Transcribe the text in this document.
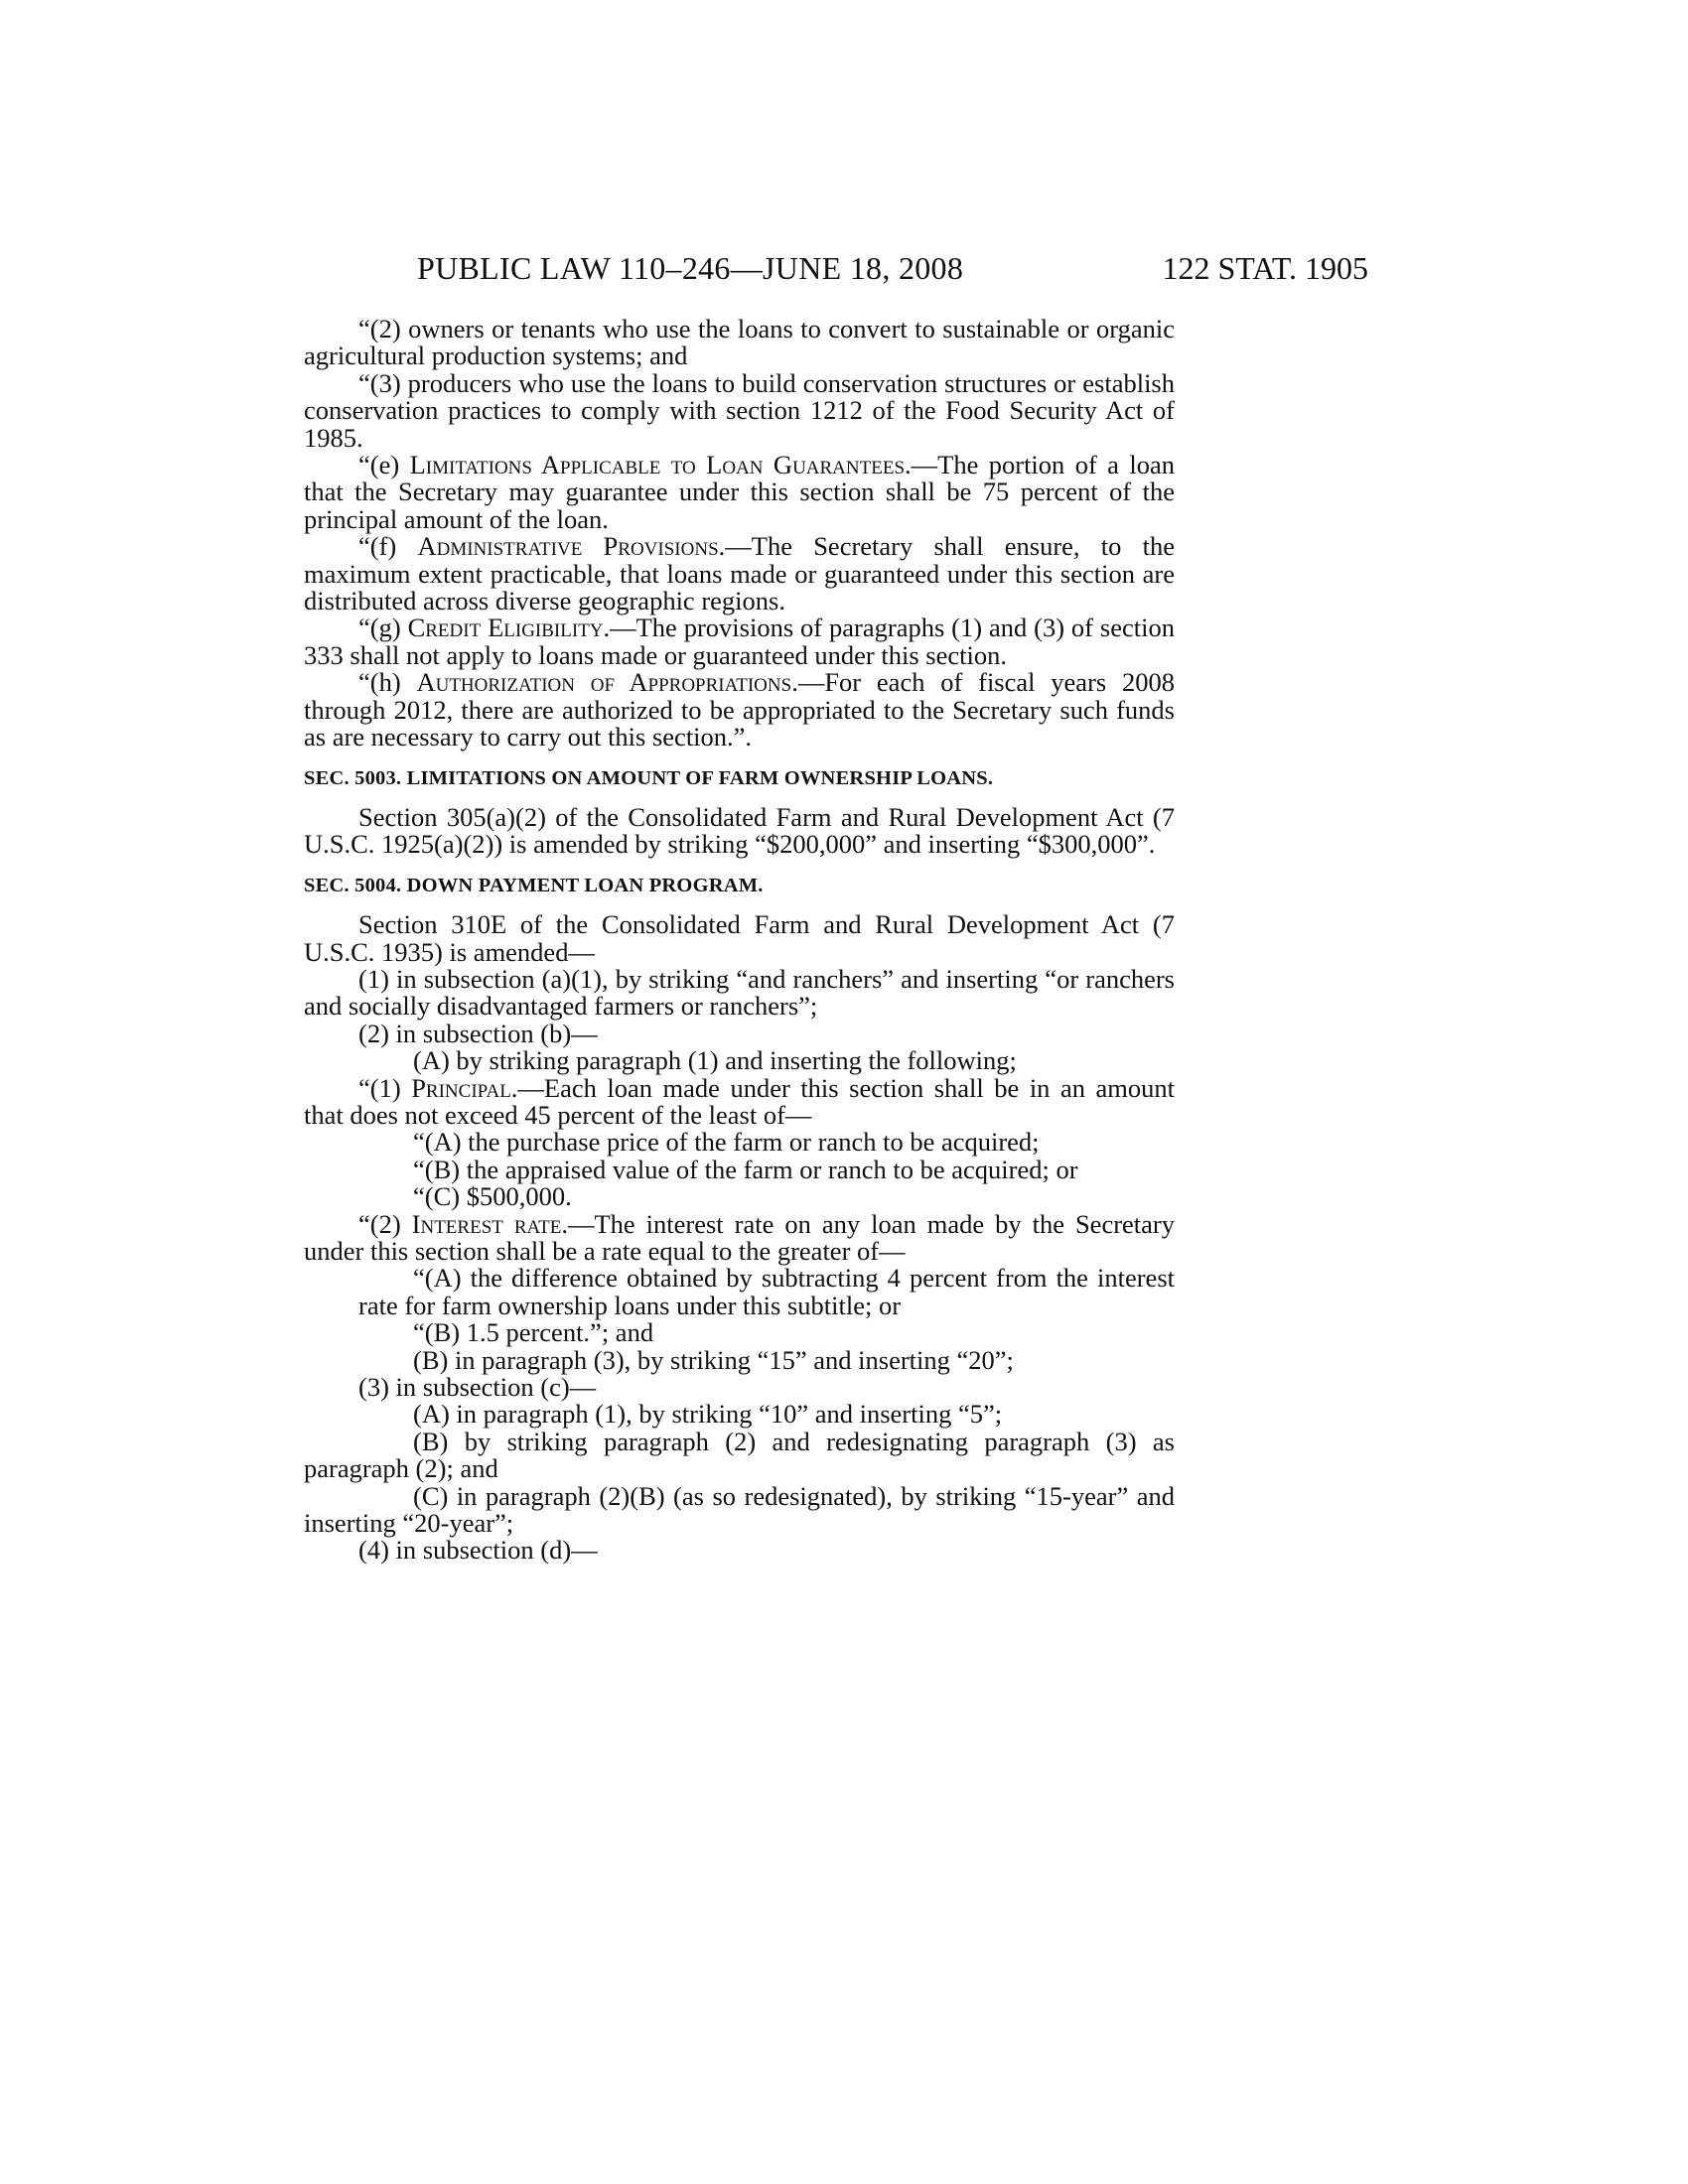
PUBLIC LAW 110–246—JUNE 18, 2008	122 STAT. 1905

“(2) owners or tenants who use the loans to convert to sustainable or organic agricultural production systems; and

“(3) producers who use the loans to build conservation structures or establish conservation practices to comply with section 1212 of the Food Security Act of 1985.

“(e) Limitations Applicable to Loan Guarantees.—The portion of a loan that the Secretary may guarantee under this section shall be 75 percent of the principal amount of the loan.

“(f) Administrative Provisions.—The Secretary shall ensure, to the maximum extent practicable, that loans made or guaranteed under this section are distributed across diverse geographic regions.

“(g) Credit Eligibility.—The provisions of paragraphs (1) and (3) of section 333 shall not apply to loans made or guaranteed under this section.

“(h) Authorization of Appropriations.—For each of fiscal years 2008 through 2012, there are authorized to be appropriated to the Secretary such funds as are necessary to carry out this section.”.

SEC. 5003. LIMITATIONS ON AMOUNT OF FARM OWNERSHIP LOANS.

Section 305(a)(2) of the Consolidated Farm and Rural Development Act (7 U.S.C. 1925(a)(2)) is amended by striking “$200,000” and inserting “$300,000”.

SEC. 5004. DOWN PAYMENT LOAN PROGRAM.

Section 310E of the Consolidated Farm and Rural Development Act (7 U.S.C. 1935) is amended—

(1) in subsection (a)(1), by striking “and ranchers” and inserting “or ranchers and socially disadvantaged farmers or ranchers”;

(2) in subsection (b)—

(A) by striking paragraph (1) and inserting the following;

“(1) Principal.—Each loan made under this section shall be in an amount that does not exceed 45 percent of the least of—

“(A) the purchase price of the farm or ranch to be acquired;

“(B) the appraised value of the farm or ranch to be acquired; or

“(C) $500,000.

“(2) Interest rate.—The interest rate on any loan made by the Secretary under this section shall be a rate equal to the greater of—

“(A) the difference obtained by subtracting 4 percent from the interest rate for farm ownership loans under this subtitle; or

“(B) 1.5 percent.”; and

(B) in paragraph (3), by striking “15” and inserting “20”;

(3) in subsection (c)—

(A) in paragraph (1), by striking “10” and inserting “5”;

(B) by striking paragraph (2) and redesignating paragraph (3) as paragraph (2); and

(C) in paragraph (2)(B) (as so redesignated), by striking “15-year” and inserting “20-year”;

(4) in subsection (d)—
